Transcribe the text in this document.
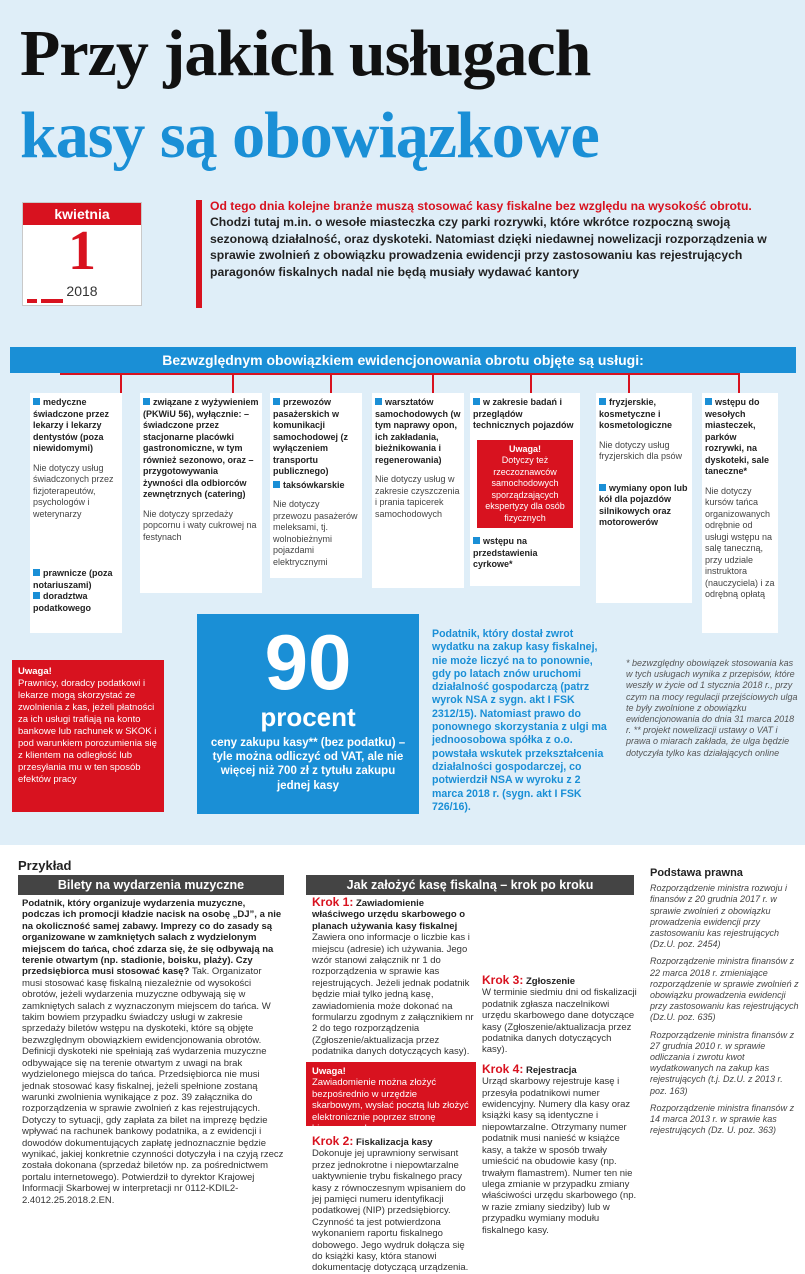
Przy jakich usługach
kasy są obowiązkowe
kwietnia
1
2018
Od tego dnia kolejne branże muszą stosować kasy fiskalne bez względu na wysokość obrotu. Chodzi tutaj m.in. o wesołe miasteczka czy parki rozrywki, które wkrótce rozpoczną swoją sezonową działalność, oraz dyskoteki. Natomiast dzięki niedawnej nowelizacji rozporządzenia w sprawie zwolnień z obowiązku prowadzenia ewidencji przy zastosowaniu kas rejestrujących paragonów fiskalnych nadal nie będą musiały wydawać kantory
Bezwzględnym obowiązkiem ewidencjonowania obrotu objęte są usługi:

medyczne świadczone przez lekarzy i lekarzy dentystów (poza niewidomymi)

Nie dotyczy usług świadczonych przez fizjoterapeutów, psychologów i weterynarzy

prawnicze (poza notariuszami)

doradztwa podatkowego

związane z wyżywieniem (PKWiU 56), wyłącznie: – świadczone przez stacjonarne placówki gastronomiczne, w tym również sezonowo, oraz – przygotowywania żywności dla odbiorców zewnętrznych (catering)

Nie dotyczy sprzedaży popcornu i waty cukrowej na festynach

przewozów pasażerskich w komunikacji samochodowej (z wyłączeniem transportu publicznego)

taksówkarskie

Nie dotyczy przewozu pasażerów meleksami, tj. wolnobieżnymi pojazdami elektrycznymi

warsztatów samochodowych (w tym naprawy opon, ich zakładania, bieżnikowania i regenerowania)

Nie dotyczy usług w zakresie czyszczenia i prania tapicerek samochodowych

w zakresie badań i przeglądów technicznych pojazdów

Uwaga!
Dotyczy też rzeczoznawców samochodowych sporządzających ekspertyzy dla osób fizycznych

wstępu na przedstawienia cyrkowe*

fryzjerskie, kosmetyczne i kosmetologiczne

Nie dotyczy usług fryzjerskich dla psów

wymiany opon lub kół dla pojazdów silnikowych oraz motorowerów

wstępu do wesołych miasteczek, parków rozrywki, na dyskoteki, sale taneczne*

Nie dotyczy kursów tańca organizowanych odrębnie od usługi wstępu na salę taneczną, przy udziale instruktora (nauczyciela) i za odrębną opłatą

Uwaga!
Prawnicy, doradcy podatkowi i lekarze mogą skorzystać ze zwolnienia z kas, jeżeli płatności za ich usługi trafiają na konto bankowe lub rachunek w SKOK i pod warunkiem porozumienia się z klientem na odległość lub przesyłania mu w ten sposób efektów pracy
90
procent
ceny zakupu kasy** (bez podatku) – tyle można odliczyć od VAT, ale nie więcej niż 700 zł z tytułu zakupu jednej kasy
Podatnik, który dostał zwrot wydatku na zakup kasy fiskalnej, nie może liczyć na to ponownie, gdy po latach znów uruchomi działalność gospodarczą (patrz wyrok NSA z sygn. akt I FSK 2312/15). Natomiast prawo do ponownego skorzystania z ulgi ma jednoosobowa spółka z o.o. powstała wskutek przekształcenia działalności gospodarczej, co potwierdził NSA w wyroku z 2 marca 2018 r. (sygn. akt I FSK 726/16).
* bezwzględny obowiązek stosowania kas w tych usługach wynika z przepisów, które weszły w życie od 1 stycznia 2018 r., przy czym na mocy regulacji przejściowych ulga te były zwolnione z obowiązku ewidencjonowania do dnia 31 marca 2018 r. ** projekt nowelizacji ustawy o VAT i prawa o miarach zakłada, że ulga będzie dotyczyła tylko kas działających online
Przykład
Bilety na wydarzenia muzyczne
Podatnik, który organizuje wydarzenia muzyczne, podczas ich promocji kładzie nacisk na osobę „DJ”, a nie na okoliczność samej zabawy. Imprezy co do zasady są organizowane w zamkniętych salach z wydzielonym miejscem do tańca, choć zdarza się, że się odbywają na terenie otwartym (np. stadionie, boisku, plaży). Czy przedsiębiorca musi stosować kasę? Tak. Organizator musi stosować kasę fiskalną niezależnie od wysokości obrotów, jeżeli wydarzenia muzyczne odbywają się w zamkniętych salach z wyznaczonym miejscem do tańca. W takim bowiem przypadku świadczy usługi w zakresie sprzedaży biletów wstępu na dyskoteki, które są objęte bezwzględnym obowiązkiem ewidencjonowania obrotów. Definicji dyskoteki nie spełniają zaś wydarzenia muzyczne odbywające się na terenie otwartym z uwagi na brak wydzielonego miejsca do tańca. Przedsiębiorca nie musi jednak stosować kasy fiskalnej, jeżeli spełnione zostaną warunki zwolnienia wynikające z poz. 39 załącznika do rozporządzenia w sprawie zwolnień z kas rejestrujących. Dotyczy to sytuacji, gdy zapłata za bilet na imprezę będzie wpływać na rachunek bankowy podatnika, a z ewidencji i dowodów dokumentujących zapłatę jednoznacznie będzie wynikać, jakiej konkretnie czynności dotyczyła i na czyją rzecz została dokonana (sprzedaż biletów np. za pośrednictwem portalu internetowego). Potwierdził to dyrektor Krajowej Informacji Skarbowej w interpretacji nr 0112-KDIL2-2.4012.25.2018.2.EN.
Jak założyć kasę fiskalną – krok po kroku
Krok 1: Zawiadomienie właściwego urzędu skarbowego o planach używania kasy fiskalnej
Zawiera ono informacje o liczbie kas i miejscu (adresie) ich używania. Jego wzór stanowi załącznik nr 1 do rozporządzenia w sprawie kas rejestrujących. Jeżeli jednak podatnik będzie miał tylko jedną kasę, zawiadomienia może dokonać na formularzu zgodnym z załącznikiem nr 2 do tego rozporządzenia (Zgłoszenie/aktualizacja przez podatnika danych dotyczących kasy).
Uwaga!
Zawiadomienie można złożyć bezpośrednio w urzędzie skarbowym, wysłać pocztą lub złożyć elektronicznie poprzez stronę biznes.gov.pl.
Krok 2: Fiskalizacja kasy
Dokonuje jej uprawniony serwisant przez jednokrotne i niepowtarzalne uaktywnienie trybu fiskalnego pracy kasy z równoczesnym wpisaniem do jej pamięci numeru identyfikacji podatkowej (NIP) przedsiębiorcy. Czynność ta jest potwierdzona wykonaniem raportu fiskalnego dobowego. Jego wydruk dołącza się do książki kasy, która stanowi dokumentację dotyczącą urządzenia.
Krok 3: Zgłoszenie
W terminie siedmiu dni od fiskalizacji podatnik zgłasza naczelnikowi urzędu skarbowego dane dotyczące kasy (Zgłoszenie/aktualizacja przez podatnika danych dotyczących kasy).
Krok 4: Rejestracja
Urząd skarbowy rejestruje kasę i przesyła podatnikowi numer ewidencyjny. Numery dla kasy oraz książki kasy są identyczne i niepowtarzalne. Otrzymany numer podatnik musi nanieść w książce kasy, a także w sposób trwały umieścić na obudowie kasy (np. trwałym flamastrem). Numer ten nie ulega zmianie w przypadku zmiany właściwości urzędu skarbowego (np. w razie zmiany siedziby) lub w przypadku wymiany modułu fiskalnego kasy.
Podstawa prawna
Rozporządzenie ministra rozwoju i finansów z 20 grudnia 2017 r. w sprawie zwolnień z obowiązku prowadzenia ewidencji przy zastosowaniu kas rejestrujących (Dz.U. poz. 2454)
Rozporządzenie ministra finansów z 22 marca 2018 r. zmieniające rozporządzenie w sprawie zwolnień z obowiązku prowadzenia ewidencji przy zastosowaniu kas rejestrujących (Dz.U. poz. 635)
Rozporządzenie ministra finansów z 27 grudnia 2010 r. w sprawie odliczania i zwrotu kwot wydatkowanych na zakup kas rejestrujących (t.j. Dz.U. z 2013 r. poz. 163)
Rozporządzenie ministra finansów z 14 marca 2013 r. w sprawie kas rejestrujących (Dz. U. poz. 363)
